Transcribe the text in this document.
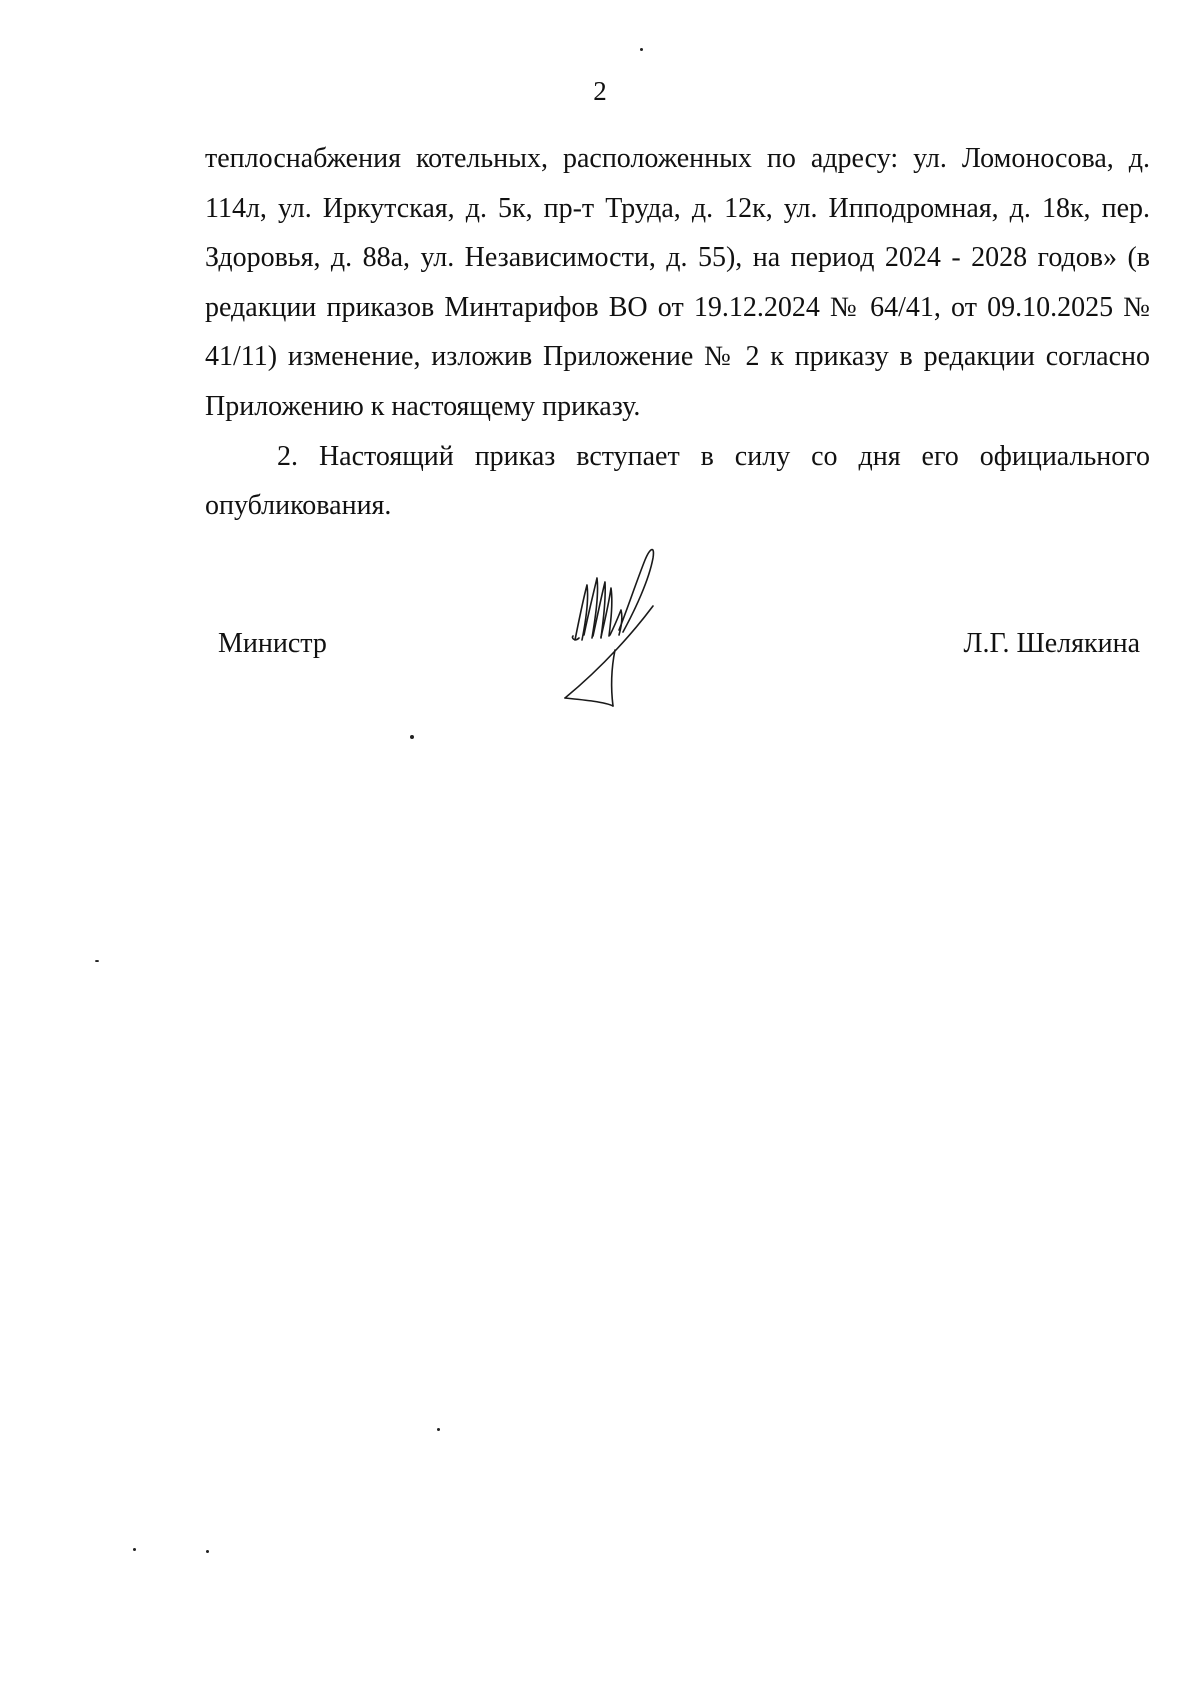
2

теплоснабжения котельных, расположенных по адресу: ул. Ломоносова, д. 114л, ул. Иркутская, д. 5к, пр-т Труда, д. 12к, ул. Ипподромная, д. 18к, пер. Здоровья, д. 88а, ул. Независимости, д. 55), на период 2024 - 2028 годов» (в редакции приказов Минтарифов ВО от 19.12.2024 № 64/41, от 09.10.2025 № 41/11) изменение, изложив Приложение № 2 к приказу в редакции согласно Приложению к настоящему приказу.

2. Настоящий приказ вступает в силу со дня его официального опубликования.

Министр	Л.Г. Шелякина
